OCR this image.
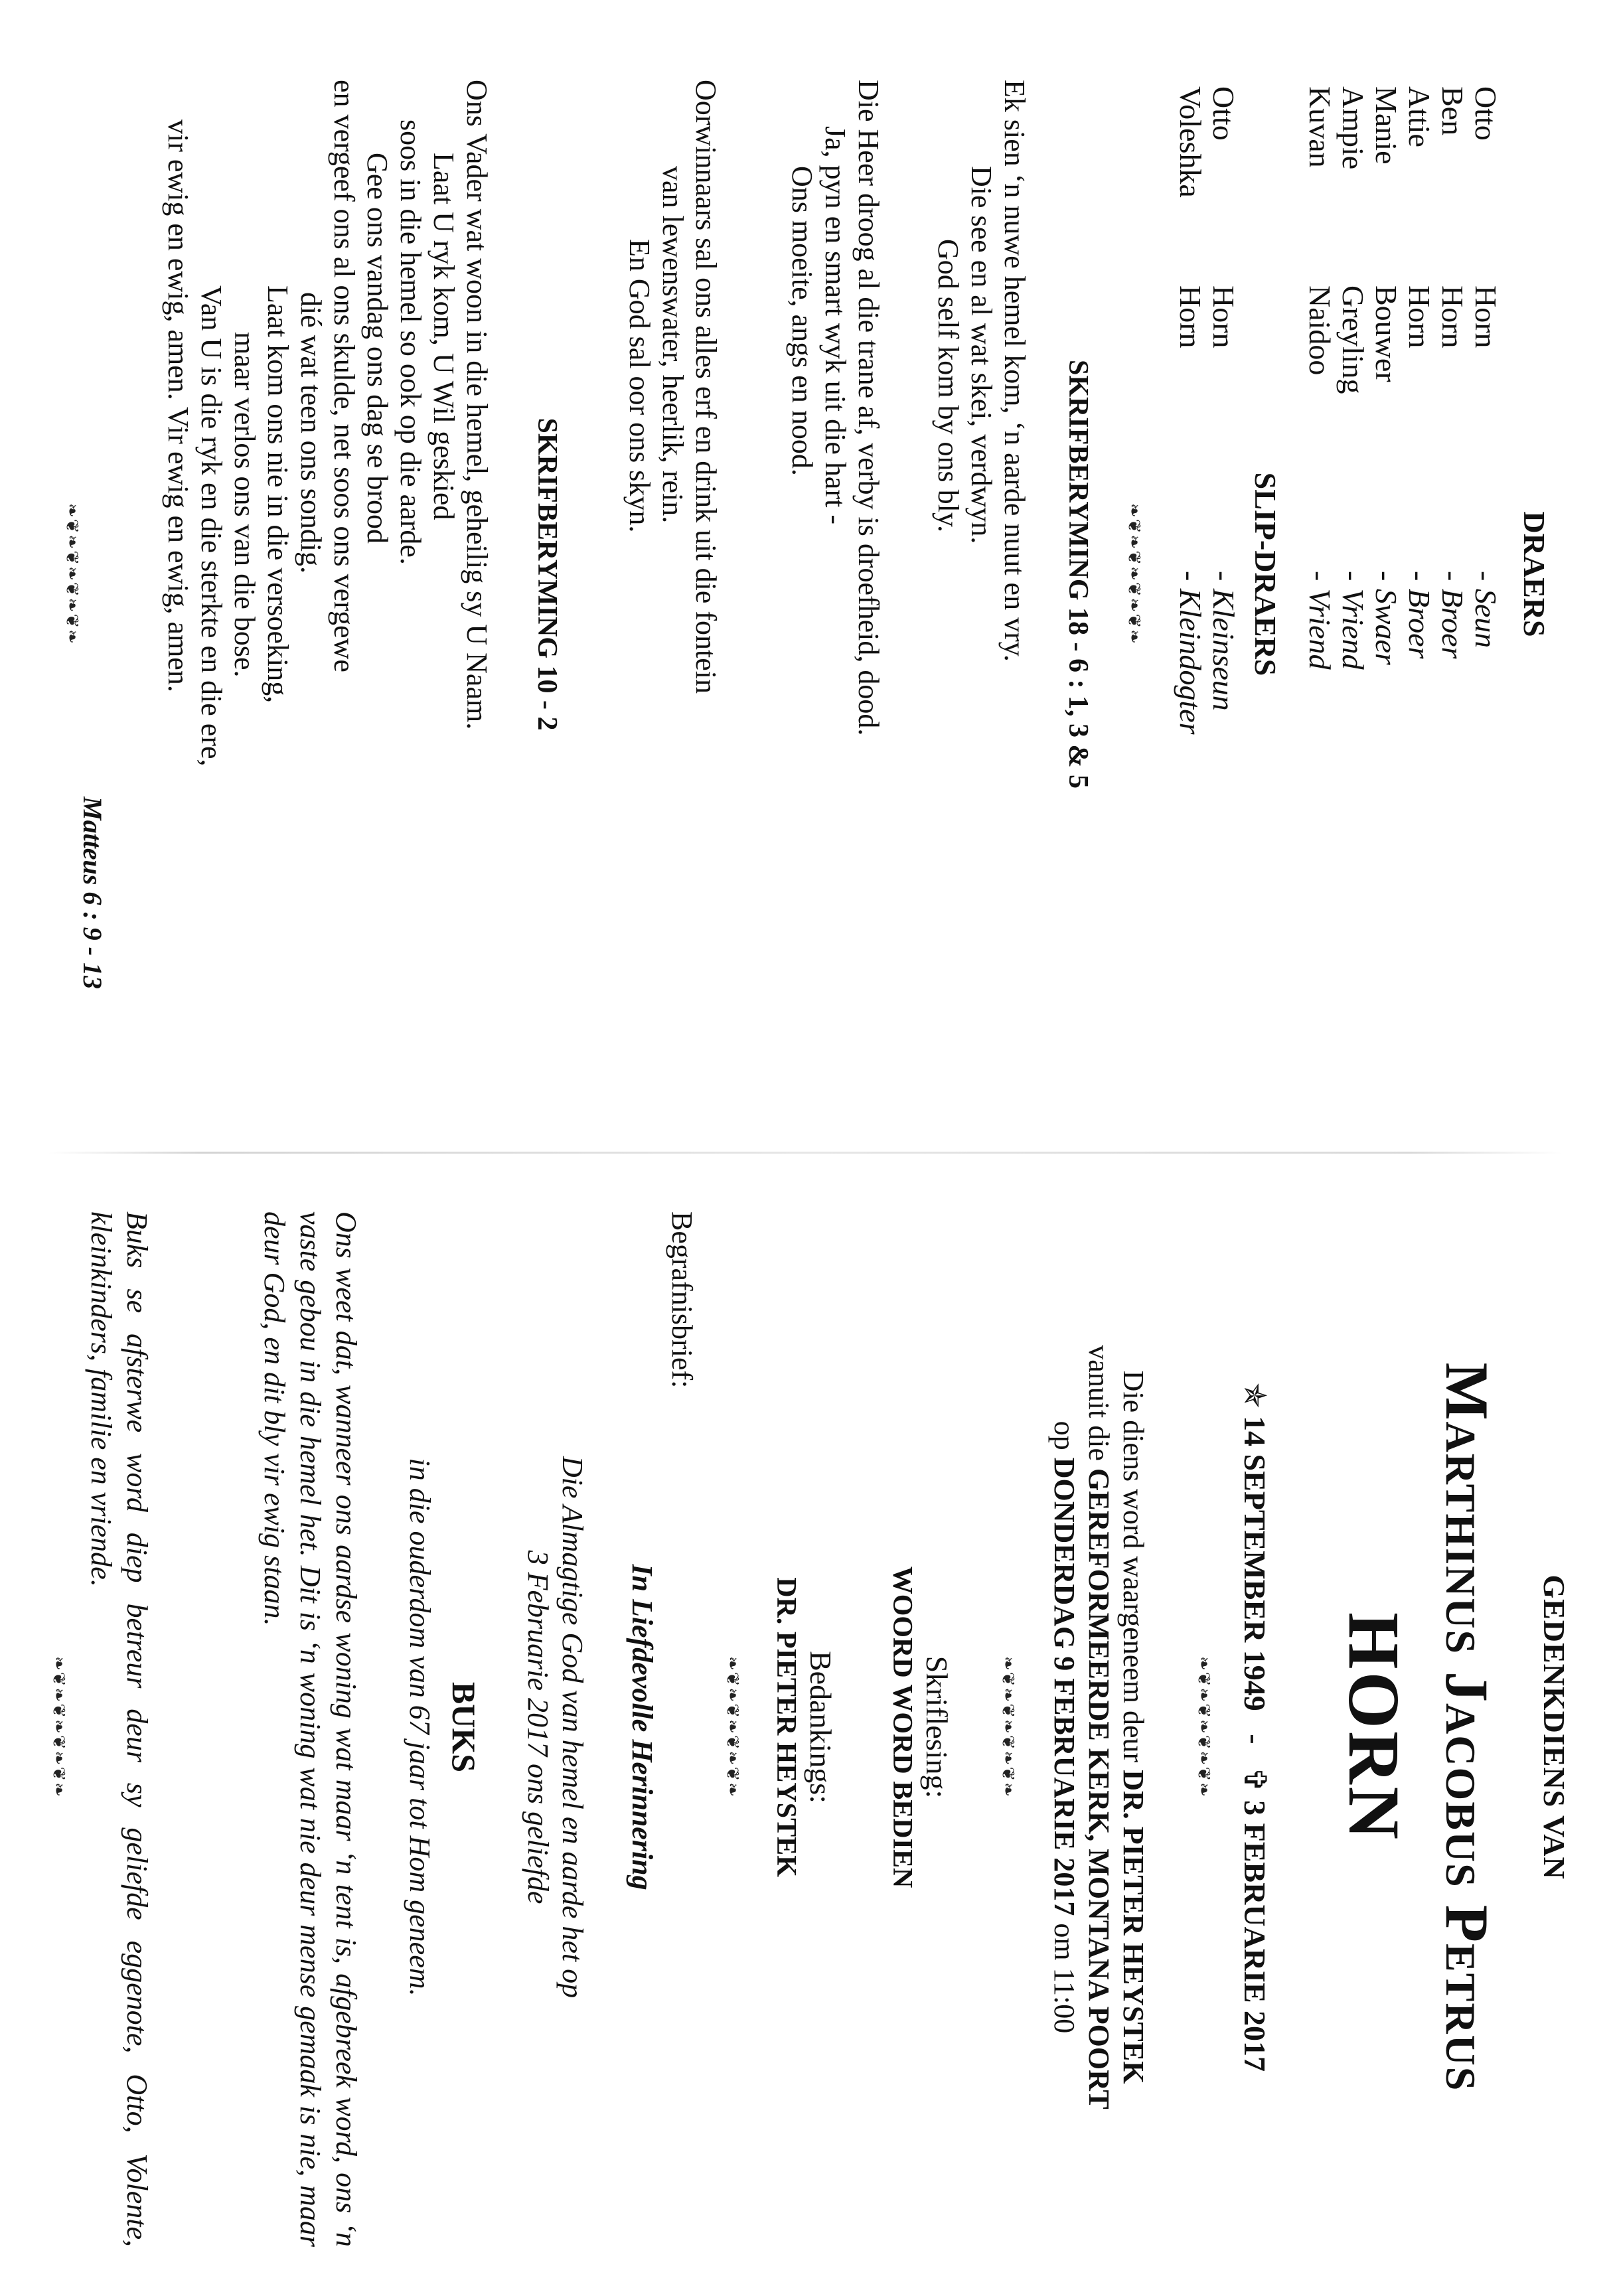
DRAERS
Otto
Horn
- Seun
Ben
Horn
- Broer
Attie
Horn
- Broer
Manie
Bouwer
- Swaer
Ampie
Greyling
- Vriend
Kuvan
Naidoo
- Vriend
SLIP-DRAERS
Otto
Horn
- Kleinseun
Voleshka
Horn
- Kleindogter
❧❦❧❦❧❦❧❦❧
SKRIFBERYMING 18 - 6 : 1, 3 & 5
Ek sien ‘n nuwe hemel kom, ‘n aarde nuut en vry.
Die see en al wat skei, verdwyn.
God self kom by ons bly.
Die Heer droog al die trane af, verby is droefheid, dood.
Ja, pyn en smart wyk uit die hart -
Ons moeite, angs en nood.
Oorwinnaars sal ons alles erf en drink uit die fontein
van lewenswater, heerlik, rein.
En God sal oor ons skyn.
SKRIFBERYMING 10 - 2
Ons Vader wat woon in die hemel, geheilig sy U Naam.
Laat U ryk kom, U Wil geskied
soos in die hemel so ook op die aarde.
Gee ons vandag ons dag se brood
en vergeef ons al ons skulde, net soos ons vergewe
dié wat teen ons sondig.
Laat kom ons nie in die versoeking,
maar verlos ons van die bose.
Van U is die ryk en die sterkte en die ere,
vir ewig en ewig, amen. Vir ewig en ewig, amen.
Matteus 6 : 9 - 13
❧❦❧❦❧❦❧❦❧
GEDENKDIENS VAN
Marthinus Jacobus Petrus
HORN
✯ 14 SEPTEMBER 1949   -   ✞ 3 FEBRUARIE 2017
❧❦❧❦❧❦❧❦❧
Die diens word waargeneem deur DR. PIETER HEYSTEK
vanuit die GEREFORMEERDE KERK, MONTANA POORT
op DONDERDAG 9 FEBRUARIE 2017 om 11:00
❧❦❧❦❧❦❧❦❧
Skriflesing:
WOORD WORD BEDIEN
Bedankings:
DR. PIETER HEYSTEK
❧❦❧❦❧❦❧❦❧
Begrafnisbrief:
In Liefdevolle Herinnering
Die Almagtige God van hemel en aarde het op
3 Februarie 2017 ons geliefde
BUKS
in die ouderdom van 67 jaar tot Hom geneem.
Ons weet dat, wanneer ons aardse woning wat maar ‘n tent is, afgebreek word, ons ‘n vaste gebou in die hemel het. Dit is ‘n woning wat nie deur mense gemaak is nie, maar deur God, en dit bly vir ewig staan.
Buks se afsterwe word diep betreur deur sy geliefde eggenote, Otto, Volente, kleinkinders, familie en vriende.
❧❦❧❦❧❦❧❦❧
